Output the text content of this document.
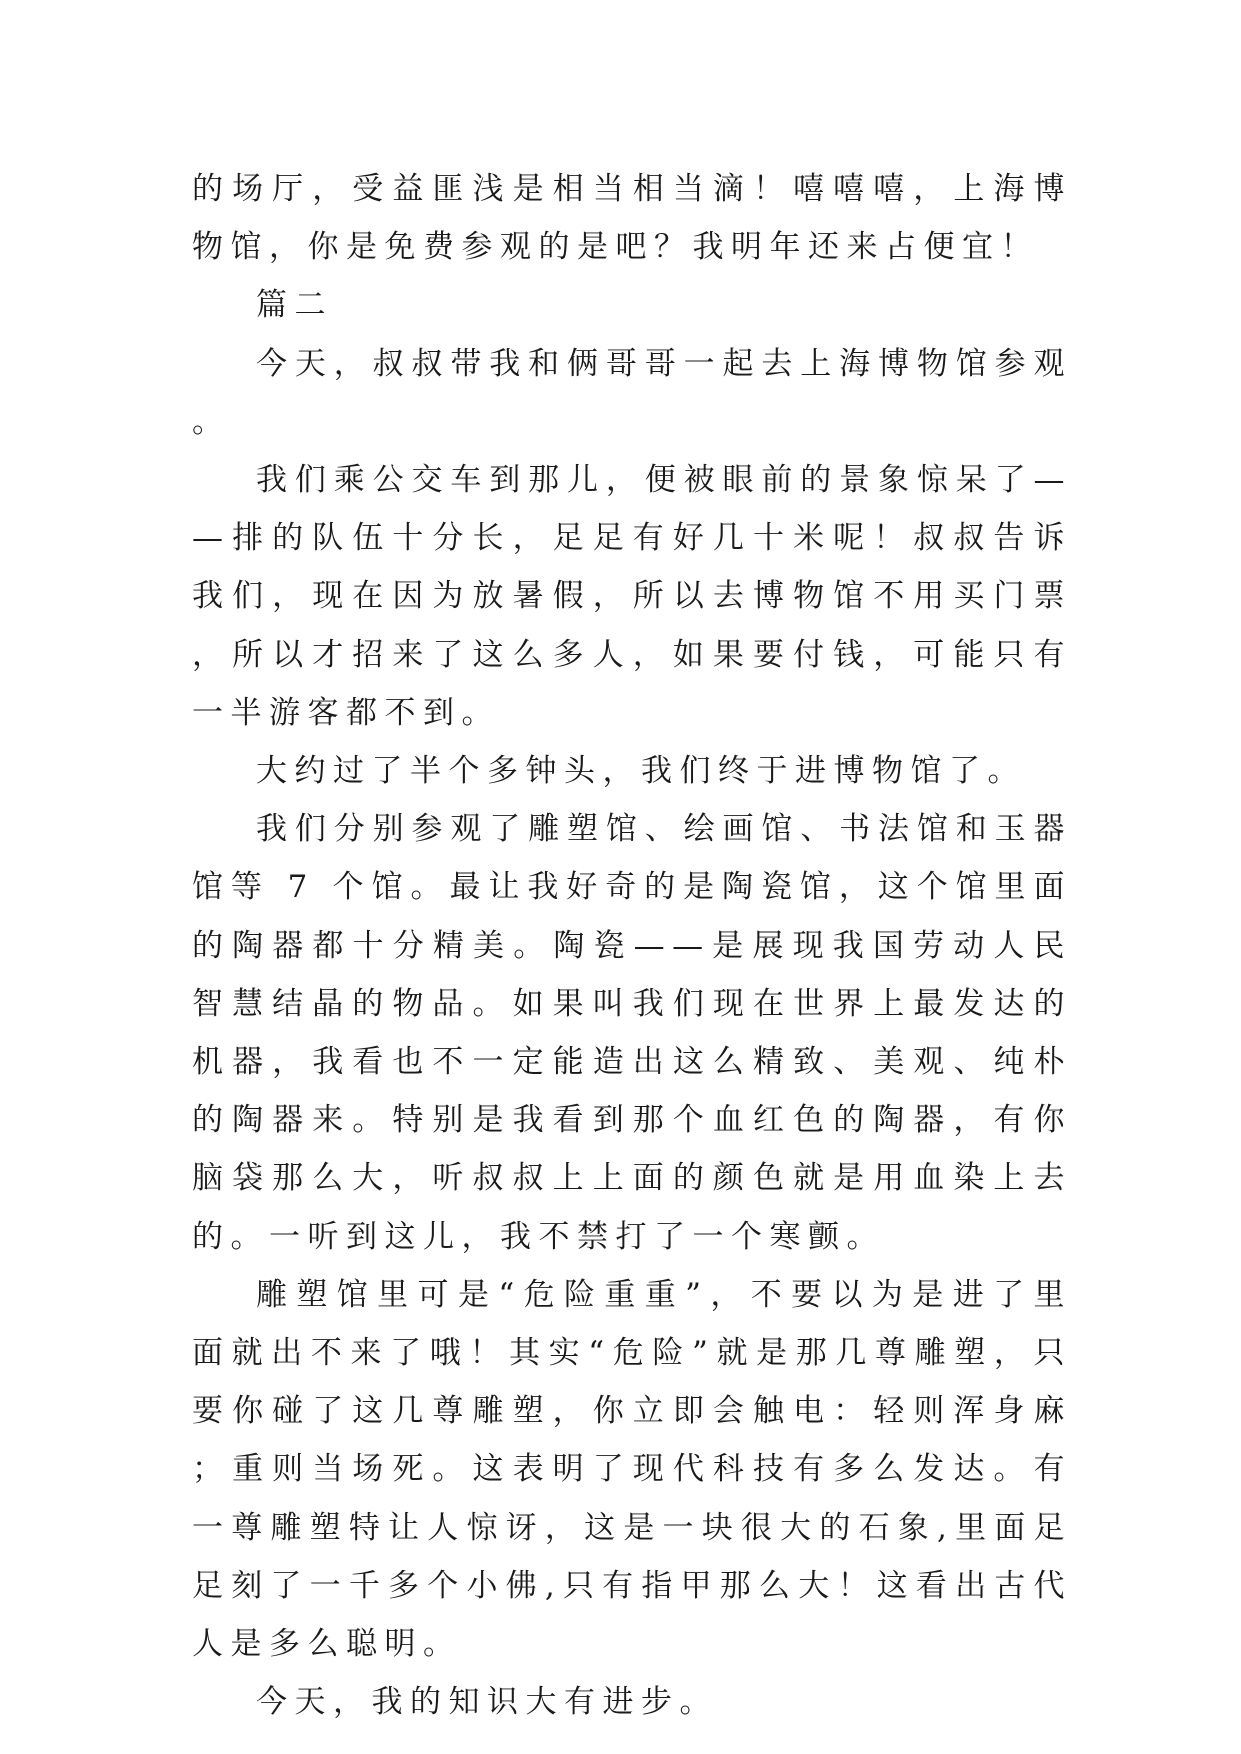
的场厅，受益匪浅是相当相当滴！嘻嘻嘻，上海博物馆，你是免费参观的是吧？我明年还来占便宜！

篇二

今天，叔叔带我和俩哥哥一起去上海博物馆参观。

我们乘公交车到那儿，便被眼前的景象惊呆了——排的队伍十分长，足足有好几十米呢！叔叔告诉我们，现在因为放暑假，所以去博物馆不用买门票，所以才招来了这么多人，如果要付钱，可能只有一半游客都不到。

大约过了半个多钟头，我们终于进博物馆了。

我们分别参观了雕塑馆、绘画馆、书法馆和玉器馆等 7 个馆。最让我好奇的是陶瓷馆，这个馆里面的陶器都十分精美。陶瓷——是展现我国劳动人民智慧结晶的物品。如果叫我们现在世界上最发达的机器，我看也不一定能造出这么精致、美观、纯朴的陶器来。特别是我看到那个血红色的陶器，有你脑袋那么大，听叔叔上上面的颜色就是用血染上去的。一听到这儿，我不禁打了一个寒颤。

雕塑馆里可是“危险重重”，不要以为是进了里面就出不来了哦！其实“危险”就是那几尊雕塑，只要你碰了这几尊雕塑，你立即会触电：轻则浑身麻；重则当场死。这表明了现代科技有多么发达。有一尊雕塑特让人惊讶，这是一块很大的石象,里面足足刻了一千多个小佛,只有指甲那么大！这看出古代人是多么聪明。

今天，我的知识大有进步。
